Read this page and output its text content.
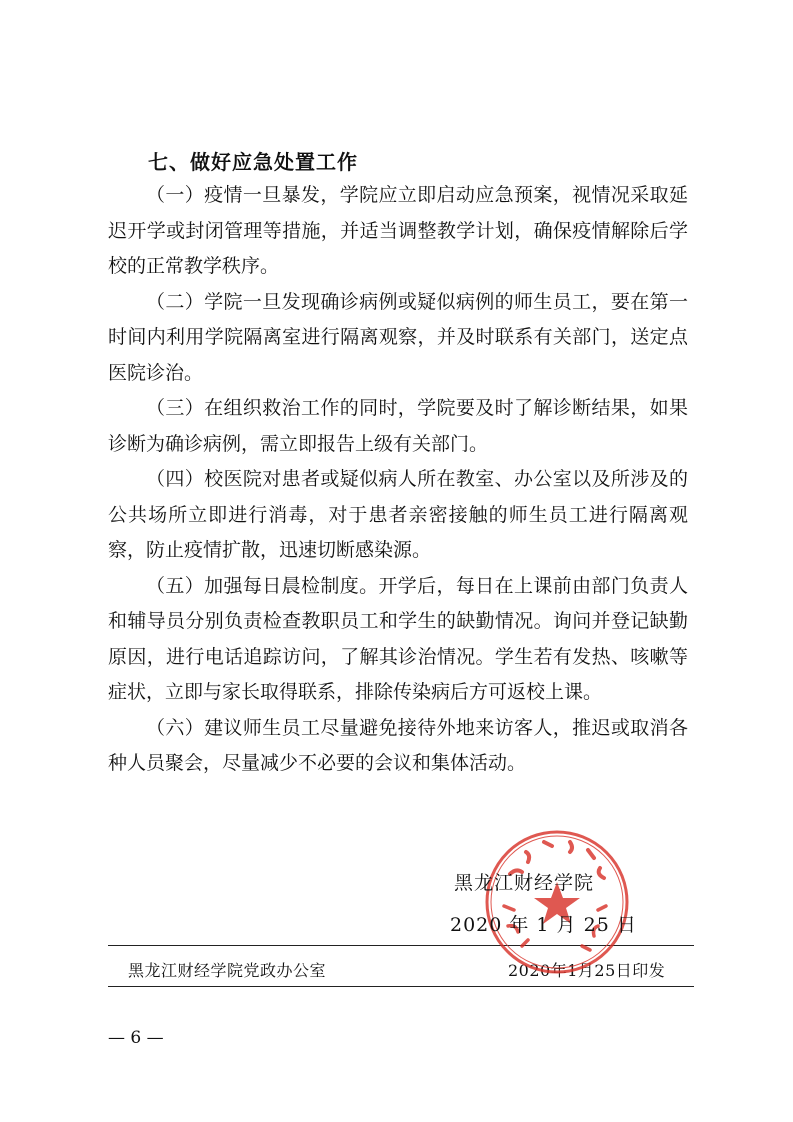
七、做好应急处置工作

（一）疫情一旦暴发，学院应立即启动应急预案，视情况采取延迟开学或封闭管理等措施，并适当调整教学计划，确保疫情解除后学校的正常教学秩序。

（二）学院一旦发现确诊病例或疑似病例的师生员工，要在第一时间内利用学院隔离室进行隔离观察，并及时联系有关部门，送定点医院诊治。

（三）在组织救治工作的同时，学院要及时了解诊断结果，如果诊断为确诊病例，需立即报告上级有关部门。

（四）校医院对患者或疑似病人所在教室、办公室以及所涉及的公共场所立即进行消毒，对于患者亲密接触的师生员工进行隔离观察，防止疫情扩散，迅速切断感染源。

（五）加强每日晨检制度。开学后，每日在上课前由部门负责人和辅导员分别负责检查教职员工和学生的缺勤情况。询问并登记缺勤原因，进行电话追踪访问，了解其诊治情况。学生若有发热、咳嗽等症状，立即与家长取得联系，排除传染病后方可返校上课。

（六）建议师生员工尽量避免接待外地来访客人，推迟或取消各种人员聚会，尽量减少不必要的会议和集体活动。

黑龙江财经学院
2020 年 1 月 25 日
黑龙江财经学院党政办公室	2020年1月25日印发
— 6 —
